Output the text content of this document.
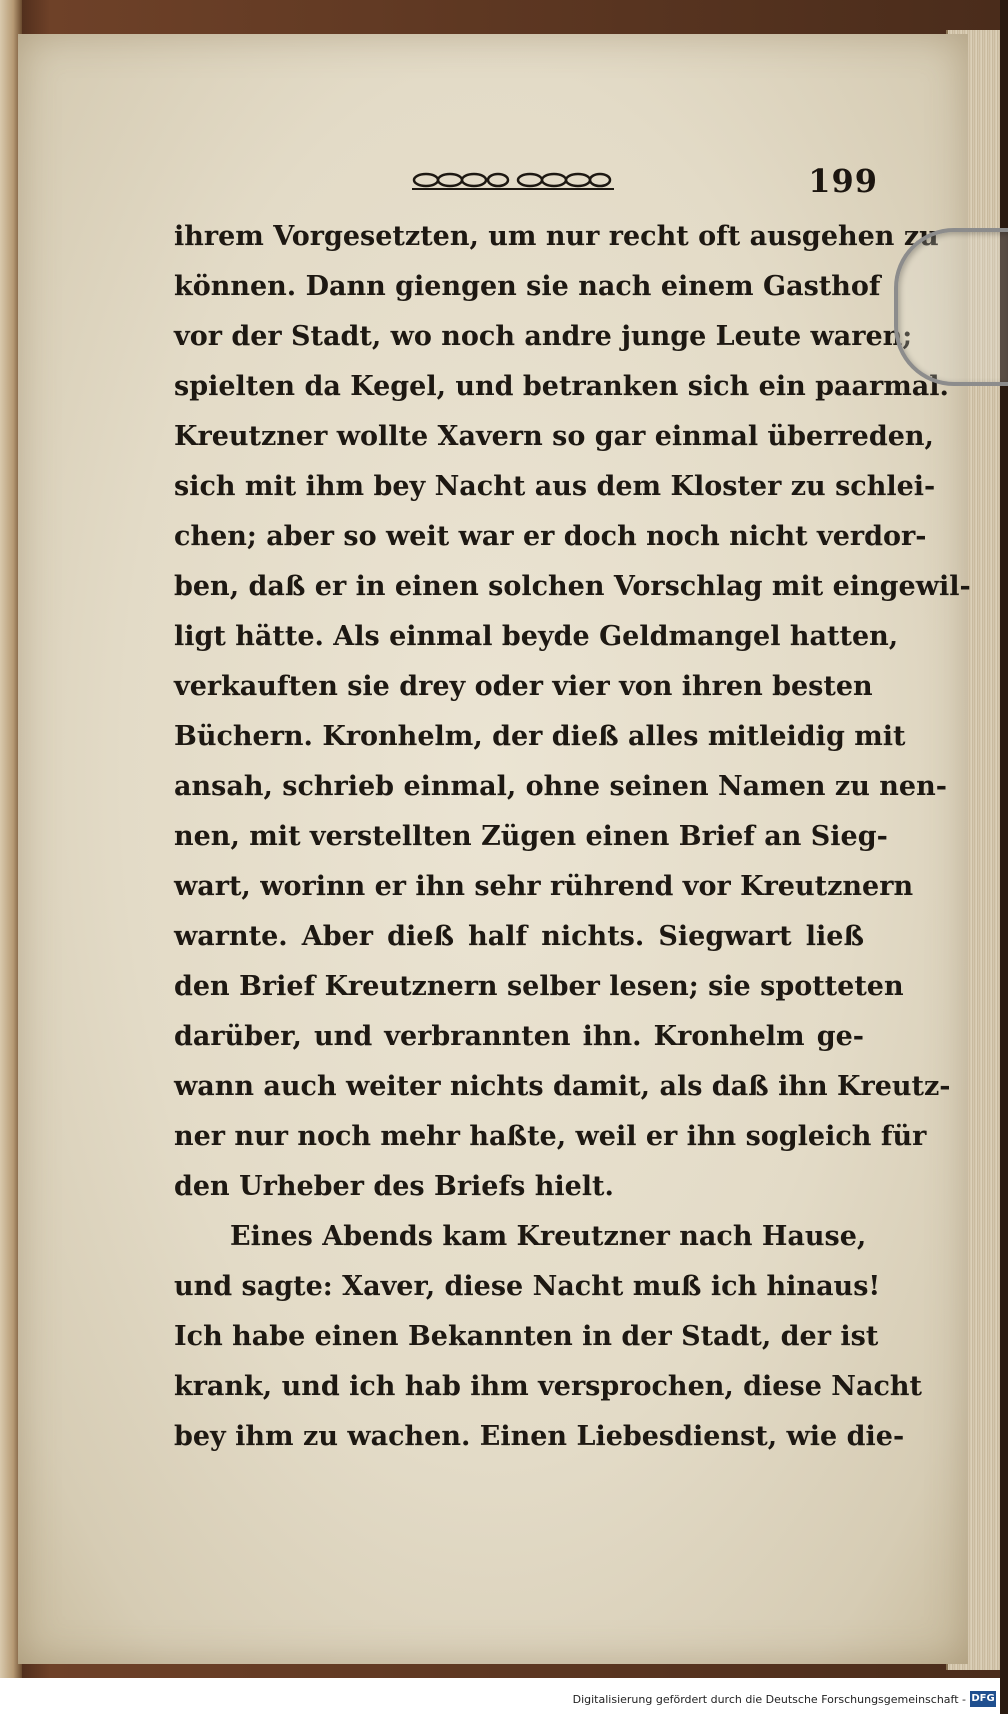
199
ihrem Vorgesetzten, um nur recht oft ausgehen zu
können. Dann giengen sie nach einem Gasthof
vor der Stadt, wo noch andre junge Leute waren;
spielten da Kegel, und betranken sich ein paarmal.
Kreutzner wollte Xavern so gar einmal überreden,
sich mit ihm bey Nacht aus dem Kloster zu schlei-
chen; aber so weit war er doch noch nicht verdor-
ben, daß er in einen solchen Vorschlag mit eingewil-
ligt hätte. Als einmal beyde Geldmangel hatten,
verkauften sie drey oder vier von ihren besten
Büchern. Kronhelm, der dieß alles mitleidig mit
ansah, schrieb einmal, ohne seinen Namen zu nen-
nen, mit verstellten Zügen einen Brief an Sieg-
wart, worinn er ihn sehr rührend vor Kreutznern
warnte. Aber dieß half nichts. Siegwart ließ
den Brief Kreutznern selber lesen; sie spotteten
darüber, und verbrannten ihn. Kronhelm ge-
wann auch weiter nichts damit, als daß ihn Kreutz-
ner nur noch mehr haßte, weil er ihn sogleich für
den Urheber des Briefs hielt.
Eines Abends kam Kreutzner nach Hause,
und sagte: Xaver, diese Nacht muß ich hinaus!
Ich habe einen Bekannten in der Stadt, der ist
krank, und ich hab ihm versprochen, diese Nacht
bey ihm zu wachen. Einen Liebesdienst, wie die-
Digitalisierung gefördert durch die Deutsche Forschungsgemeinschaft - DFG
